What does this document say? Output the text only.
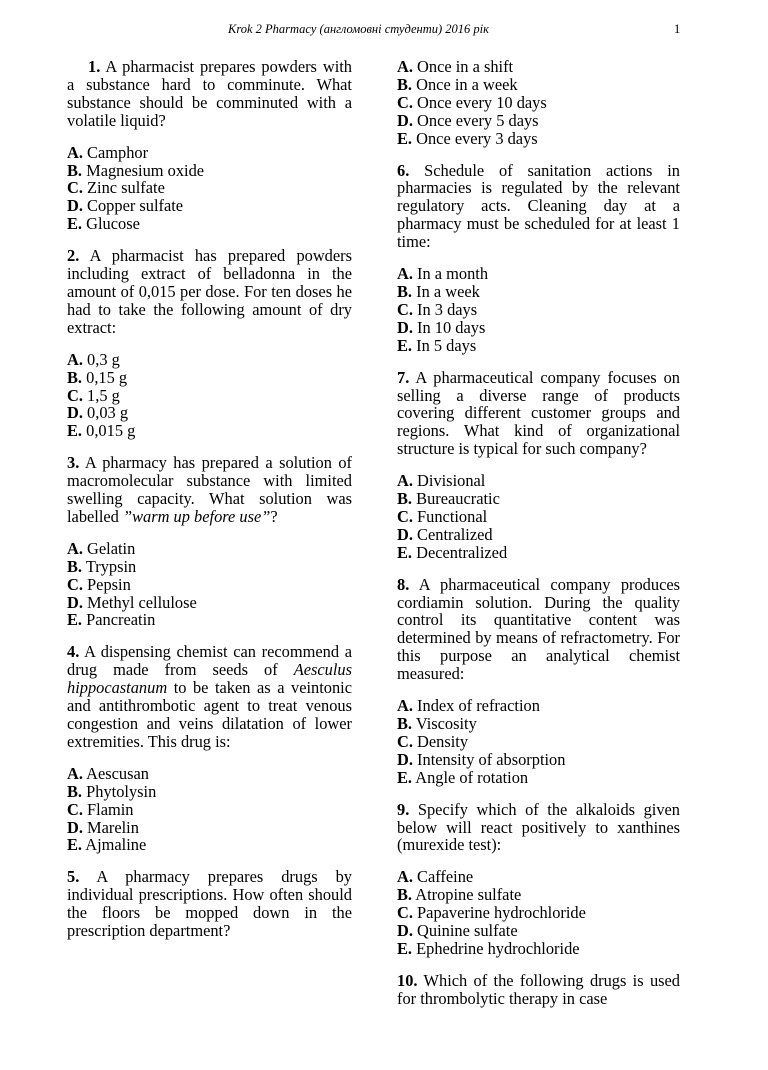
Krok 2 Pharmacy (англомовні студенти) 2016 рік	1

1. A pharmacist prepares powders with a substance hard to comminute. What substance should be comminuted with a volatile liquid?

A. Camphor
B. Magnesium oxide
C. Zinc sulfate
D. Copper sulfate
E. Glucose

2. A pharmacist has prepared powders including extract of belladonna in the amount of 0,015 per dose. For ten doses he had to take the following amount of dry extract:

A. 0,3 g
B. 0,15 g
C. 1,5 g
D. 0,03 g
E. 0,015 g

3. A pharmacy has prepared a solution of macromolecular substance with limited swelling capacity. What solution was labelled ”warm up before use”?

A. Gelatin
B. Trypsin
C. Pepsin
D. Methyl cellulose
E. Pancreatin

4. A dispensing chemist can recommend a drug made from seeds of Aesculus hippocastanum to be taken as a veintonic and antithrombotic agent to treat venous congestion and veins dilatation of lower extremities. This drug is:

A. Aescusan
B. Phytolysin
C. Flamin
D. Marelin
E. Ajmaline

5. A pharmacy prepares drugs by individual prescriptions. How often should the floors be mopped down in the prescription department?

A. Once in a shift
B. Once in a week
C. Once every 10 days
D. Once every 5 days
E. Once every 3 days

6. Schedule of sanitation actions in pharmacies is regulated by the relevant regulatory acts. Cleaning day at a pharmacy must be scheduled for at least 1 time:

A. In a month
B. In a week
C. In 3 days
D. In 10 days
E. In 5 days

7. A pharmaceutical company focuses on selling a diverse range of products covering different customer groups and regions. What kind of organizational structure is typical for such company?

A. Divisional
B. Bureaucratic
C. Functional
D. Centralized
E. Decentralized

8. A pharmaceutical company produces cordiamin solution. During the quality control its quantitative content was determined by means of refractometry. For this purpose an analytical chemist measured:

A. Index of refraction
B. Viscosity
C. Density
D. Intensity of absorption
E. Angle of rotation

9. Specify which of the alkaloids given below will react positively to xanthines (murexide test):

A. Caffeine
B. Atropine sulfate
C. Papaverine hydrochloride
D. Quinine sulfate
E. Ephedrine hydrochloride

10. Which of the following drugs is used for thrombolytic therapy in case
